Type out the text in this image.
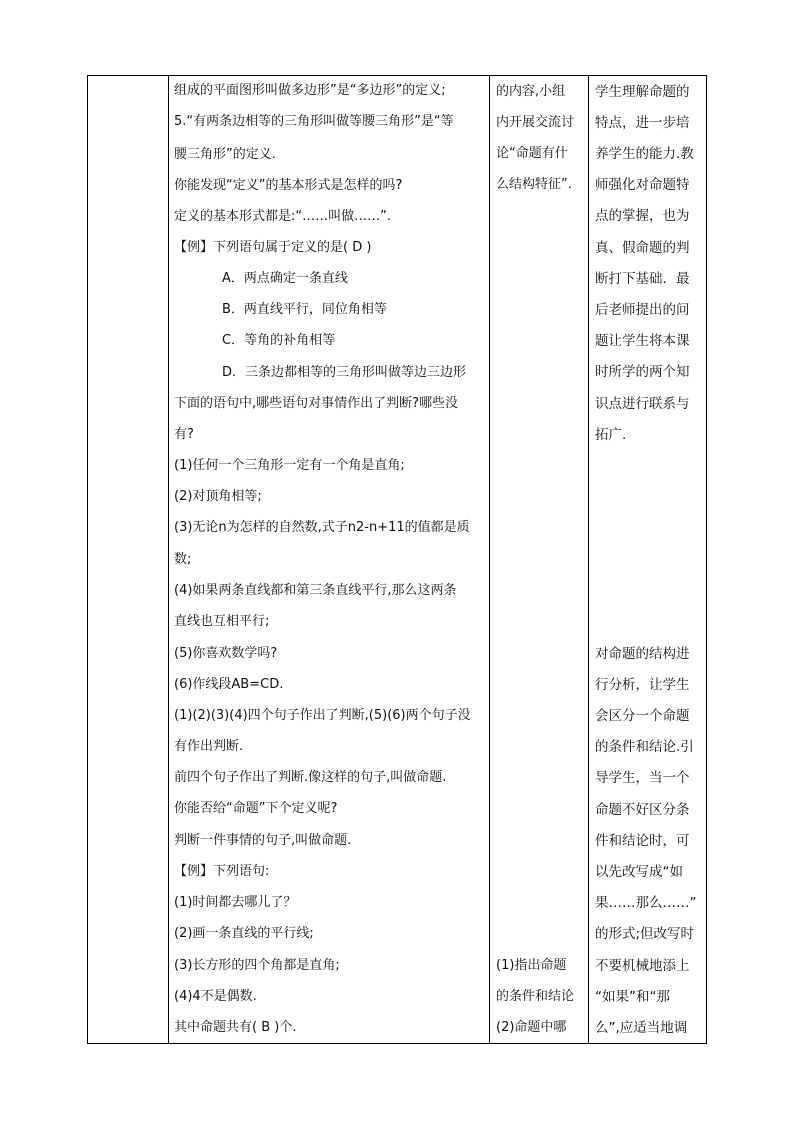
组成的平面图形叫做多边形”是“多边形”的定义;
5.“有两条边相等的三角形叫做等腰三角形”是“等
腰三角形”的定义.
你能发现“定义”的基本形式是怎样的吗?
定义的基本形式都是:“……叫做……”.
【例】下列语句属于定义的是( D )
A．两点确定一条直线
B．两直线平行，同位角相等
C．等角的补角相等
D．三条边都相等的三角形叫做等边三边形
下面的语句中,哪些语句对事情作出了判断?哪些没
有?
(1)任何一个三角形一定有一个角是直角;
(2)对顶角相等;
(3)无论n为怎样的自然数,式子n2-n+11的值都是质
数;
(4)如果两条直线都和第三条直线平行,那么这两条
直线也互相平行;
(5)你喜欢数学吗?
(6)作线段AB=CD.
(1)(2)(3)(4)四个句子作出了判断,(5)(6)两个句子没
有作出判断.
前四个句子作出了判断.像这样的句子,叫做命题.
你能否给“命题”下个定义呢?
判断一件事情的句子,叫做命题.
【例】下列语句:
(1)时间都去哪儿了？
(2)画一条直线的平行线;
(3)长方形的四个角都是直角;
(4)4不是偶数.
其中命题共有( B )个.
的内容,小组
内开展交流讨
论“命题有什
么结构特征”.
(1)指出命题
的条件和结论
(2)命题中哪
学生理解命题的
特点，进一步培
养学生的能力.教
师强化对命题特
点的掌握，也为
真、假命题的判
断打下基础．最
后老师提出的问
题让学生将本课
时所学的两个知
识点进行联系与
拓广.
对命题的结构进
行分析，让学生
会区分一个命题
的条件和结论.引
导学生，当一个
命题不好区分条
件和结论时，可
以先改写成“如
果……那么……”
的形式;但改写时
不要机械地添上
“如果”和“那
么”,应适当地调
